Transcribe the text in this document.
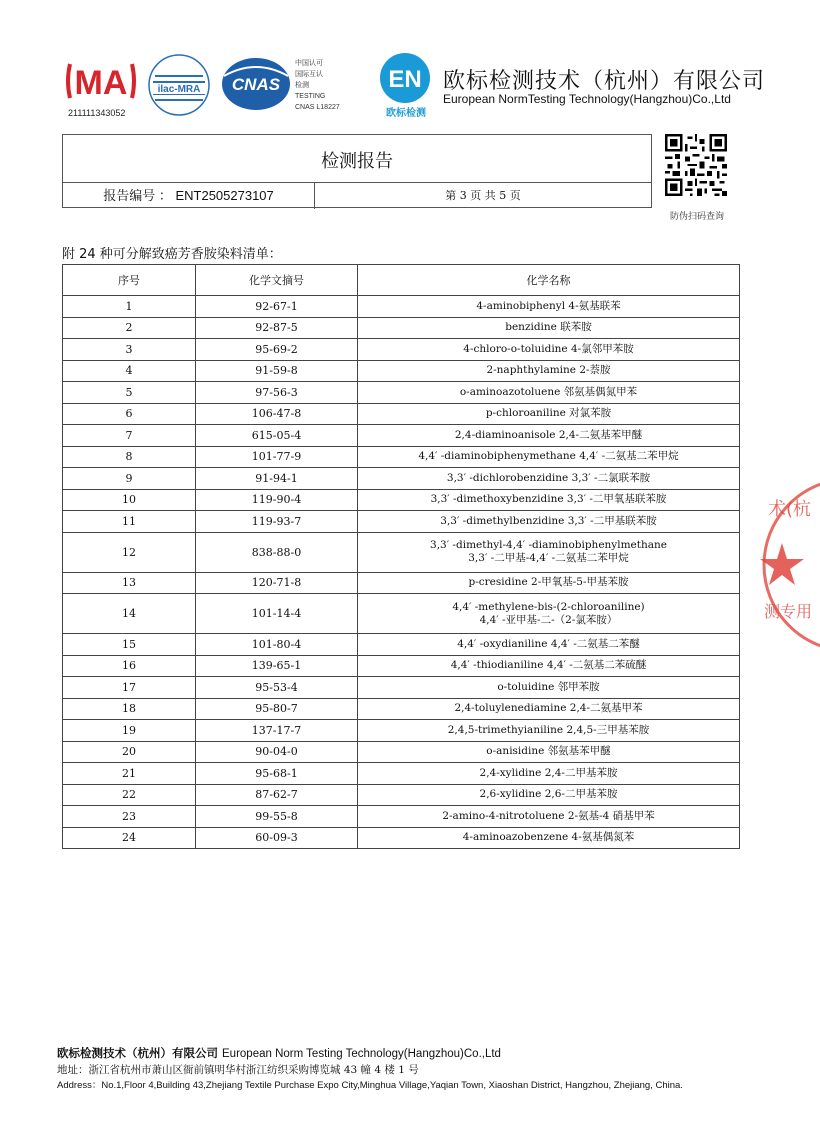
MA
211111343052
ilac-MRA CNAS
中国认可
国际互认
检测
TESTING
CNAS L18227
EN
欧标检测
欧标检测技术（杭州）有限公司
European NormTesting Technology(Hangzhou)Co.,Ltd
检测报告
报告编号 ： ENT2505273107	第 3 页 共 5 页
防伪扫码查询
附 24 种可分解致癌芳香胺染料清单：
序号	化学文摘号	化学名称
1	92-67-1	4-aminobiphenyl 4-氨基联苯

2	92-87-5	benzidine 联苯胺

3	95-69-2	4-chloro-o-toluidine 4-氯邻甲苯胺

4	91-59-8	2-naphthylamine 2-萘胺

5	97-56-3	o-aminoazotoluene 邻氨基偶氮甲苯

6	106-47-8	p-chloroaniline 对氯苯胺

7	615-05-4	2,4-diaminoanisole 2,4-二氨基苯甲醚

8	101-77-9	4,4′ -diaminobiphenymethane 4,4′ -二氨基二苯甲烷

9	91-94-1	3,3′ -dichlorobenzidine 3,3′ -二氯联苯胺

10	119-90-4	3,3′ -dimethoxybenzidine 3,3′ -二甲氧基联苯胺

11	119-93-7	3,3′ -dimethylbenzidine 3,3′ -二甲基联苯胺

12	838-88-0	3,3′ -dimethyl-4,4′ -diaminobiphenylmethane
3,3′ -二甲基-4,4′ -二氨基二苯甲烷

13	120-71-8	p-cresidine 2-甲氧基-5-甲基苯胺

14	101-14-4	4,4′ -methylene-bis-(2-chloroaniline)
4,4′ -亚甲基-二-（2-氯苯胺）

15	101-80-4	4,4′ -oxydianiline 4,4′ -二氨基二苯醚

16	139-65-1	4,4′ -thiodianiline 4,4′ -二氨基二苯硫醚

17	95-53-4	o-toluidine 邻甲苯胺

18	95-80-7	2,4-toluylenediamine 2,4-二氨基甲苯

19	137-17-7	2,4,5-trimethyianiline 2,4,5-三甲基苯胺

20	90-04-0	o-anisidine 邻氨基苯甲醚

21	95-68-1	2,4-xylidine 2,4-二甲基苯胺

22	87-62-7	2,6-xylidine 2,6-二甲基苯胺

23	99-55-8	2-amino-4-nitrotoluene 2-氨基-4 硝基甲苯

24	60-09-3	4-aminoazobenzene 4-氨基偶氮苯
术(杭
测专用
欧标检测技术（杭州）有限公司 European Norm Testing Technology(Hangzhou)Co.,Ltd
地址：浙江省杭州市萧山区衙前镇明华村浙江纺织采购博览城 43 幢 4 楼 1 号
Address：No.1,Floor 4,Building 43,Zhejiang Textile Purchase Expo City,Minghua Village,Yaqian Town, Xiaoshan District, Hangzhou, Zhejiang, China.
